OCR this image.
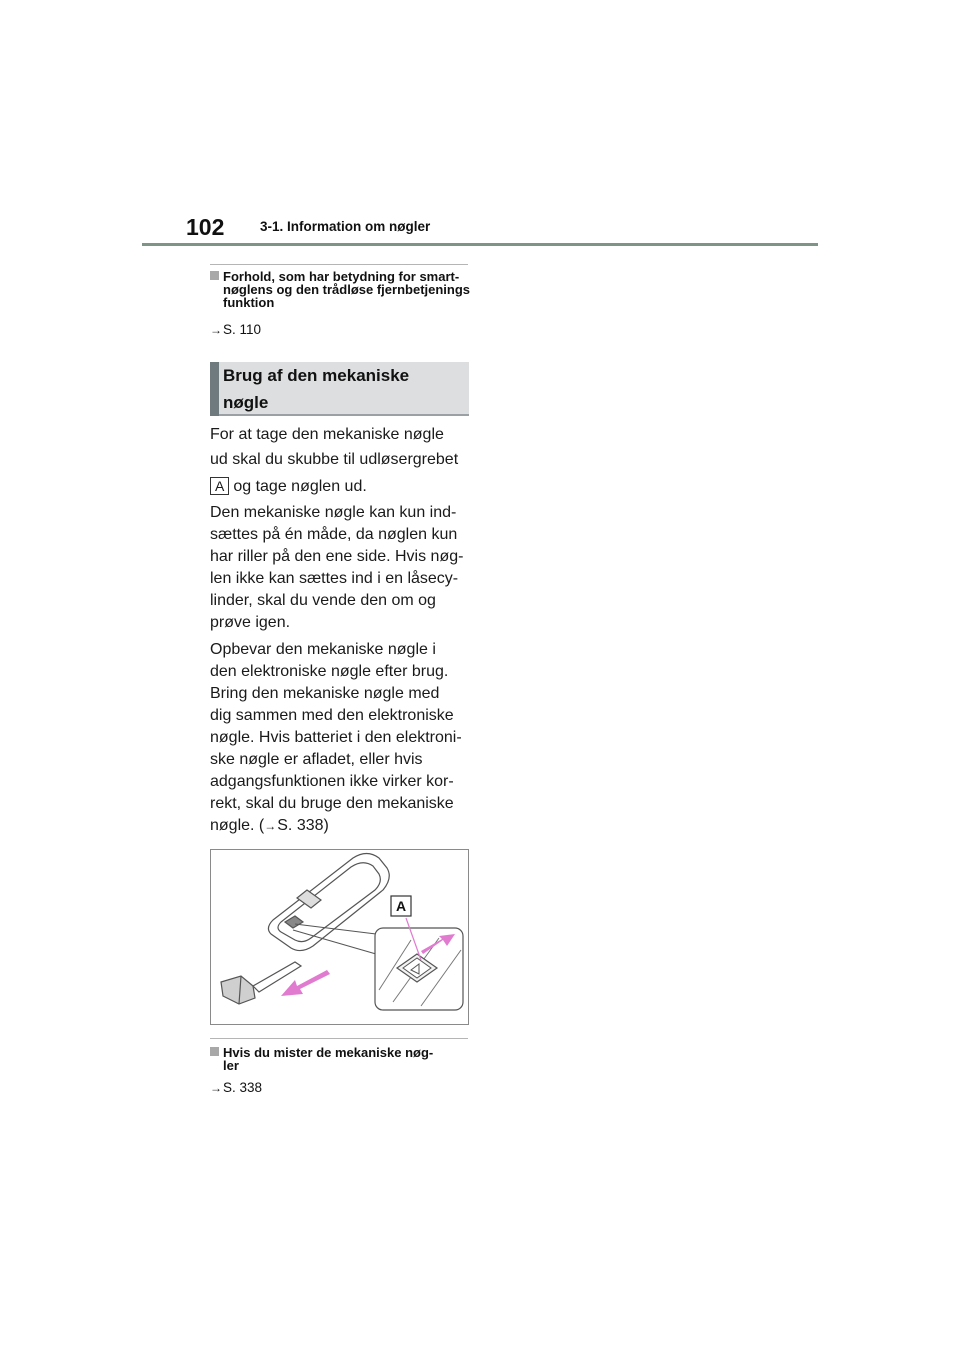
102	3-1. Information om nøgler
Forhold, som har betydning for smart-nøglens og den trådløse fjernbetjenings funktion
→S. 110
Brug af den mekaniske
nøgle
For at tage den mekaniske nøgle
ud skal du skubbe til udløsergrebet
A og tage nøglen ud.
Den mekaniske nøgle kan kun ind-
sættes på én måde, da nøglen kun
har riller på den ene side. Hvis nøg-
len ikke kan sættes ind i en låsecy-
linder, skal du vende den om og
prøve igen.
Opbevar den mekaniske nøgle i
den elektroniske nøgle efter brug.
Bring den mekaniske nøgle med
dig sammen med den elektroniske
nøgle. Hvis batteriet i den elektroni-
ske nøgle er afladet, eller hvis
adgangsfunktionen ikke virker kor-
rekt, skal du bruge den mekaniske
nøgle. (→S. 338)
A
Hvis du mister de mekaniske nøg-
ler
→S. 338
